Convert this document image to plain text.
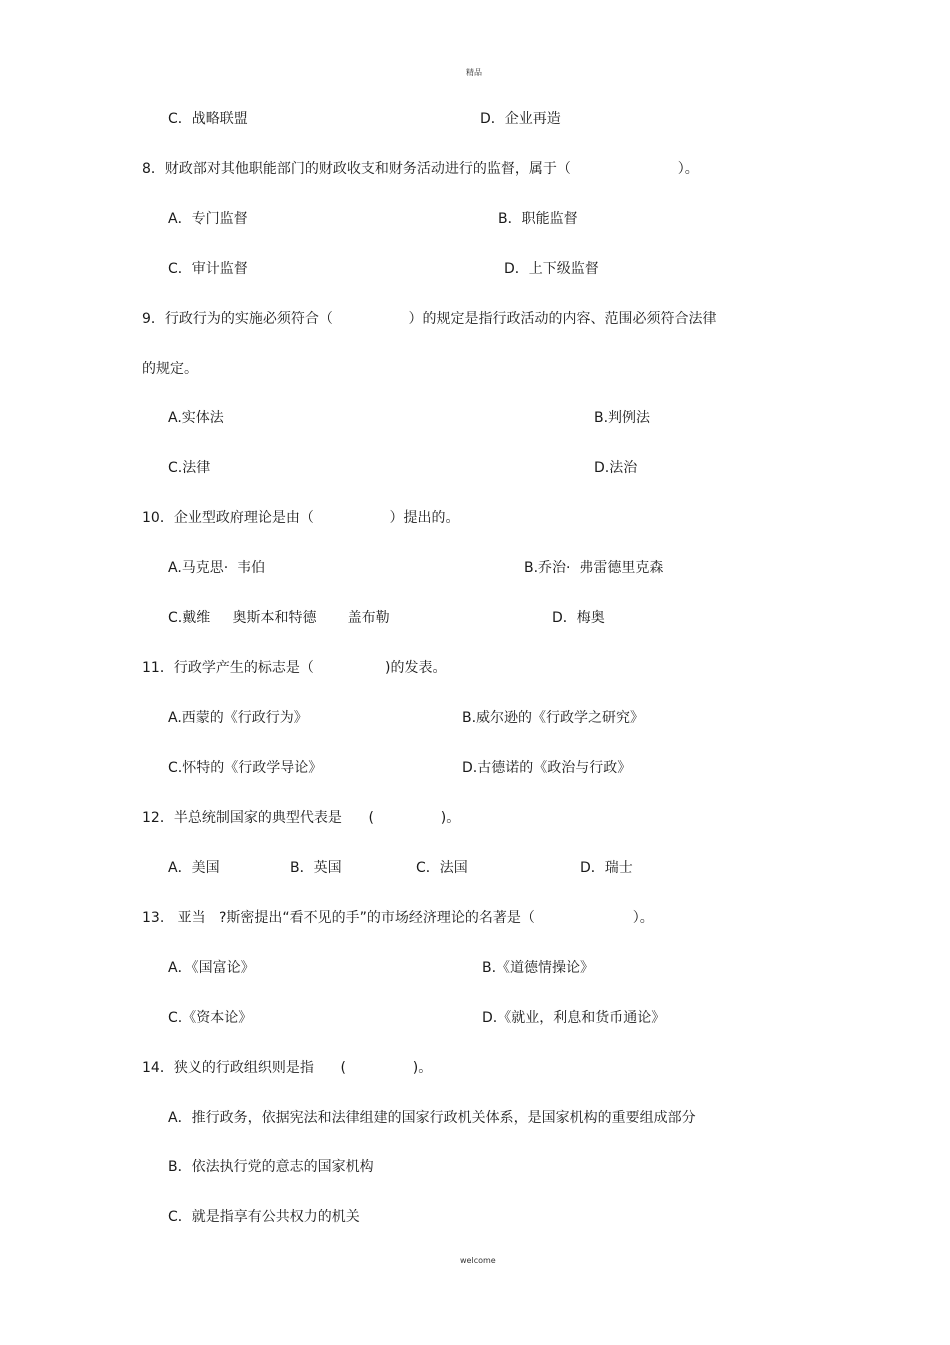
精品
C．战略联盟	D．企业再造
8．财政部对其他职能部门的财政收支和财务活动进行的监督，属于（                        ）。
A．专门监督	B．职能监督
C．审计监督	D．上下级监督
9．行政行为的实施必须符合（                 ）的规定是指行政活动的内容、范围必须符合法律
的规定。
A.实体法	B.判例法
C.法律	D.法治
10．企业型政府理论是由（                 ）提出的。
A.马克思·  韦伯	B.乔治·  弗雷德里克森
C.戴维     奥斯本和特德       盖布勒	D．梅奥
11．行政学产生的标志是（                )的发表。
A.西蒙的《行政行为》	B.威尔逊的《行政学之研究》
C.怀特的《行政学导论》	D.古德诺的《政治与行政》
12．半总统制国家的典型代表是      (               )。
A．美国	B．英国	C．法国	D．瑞士
13.   亚当   ?斯密提出“看不见的手”的市场经济理论的名著是（                      ）。
A．《国富论》	B.《道德情操论》
C.《资本论》	D.《就业，利息和货币通论》
14．狭义的行政组织则是指      (               )。
A．推行政务，依据宪法和法律组建的国家行政机关体系，是国家机构的重要组成部分
B．依法执行党的意志的国家机构
C．就是指享有公共权力的机关
welcome
